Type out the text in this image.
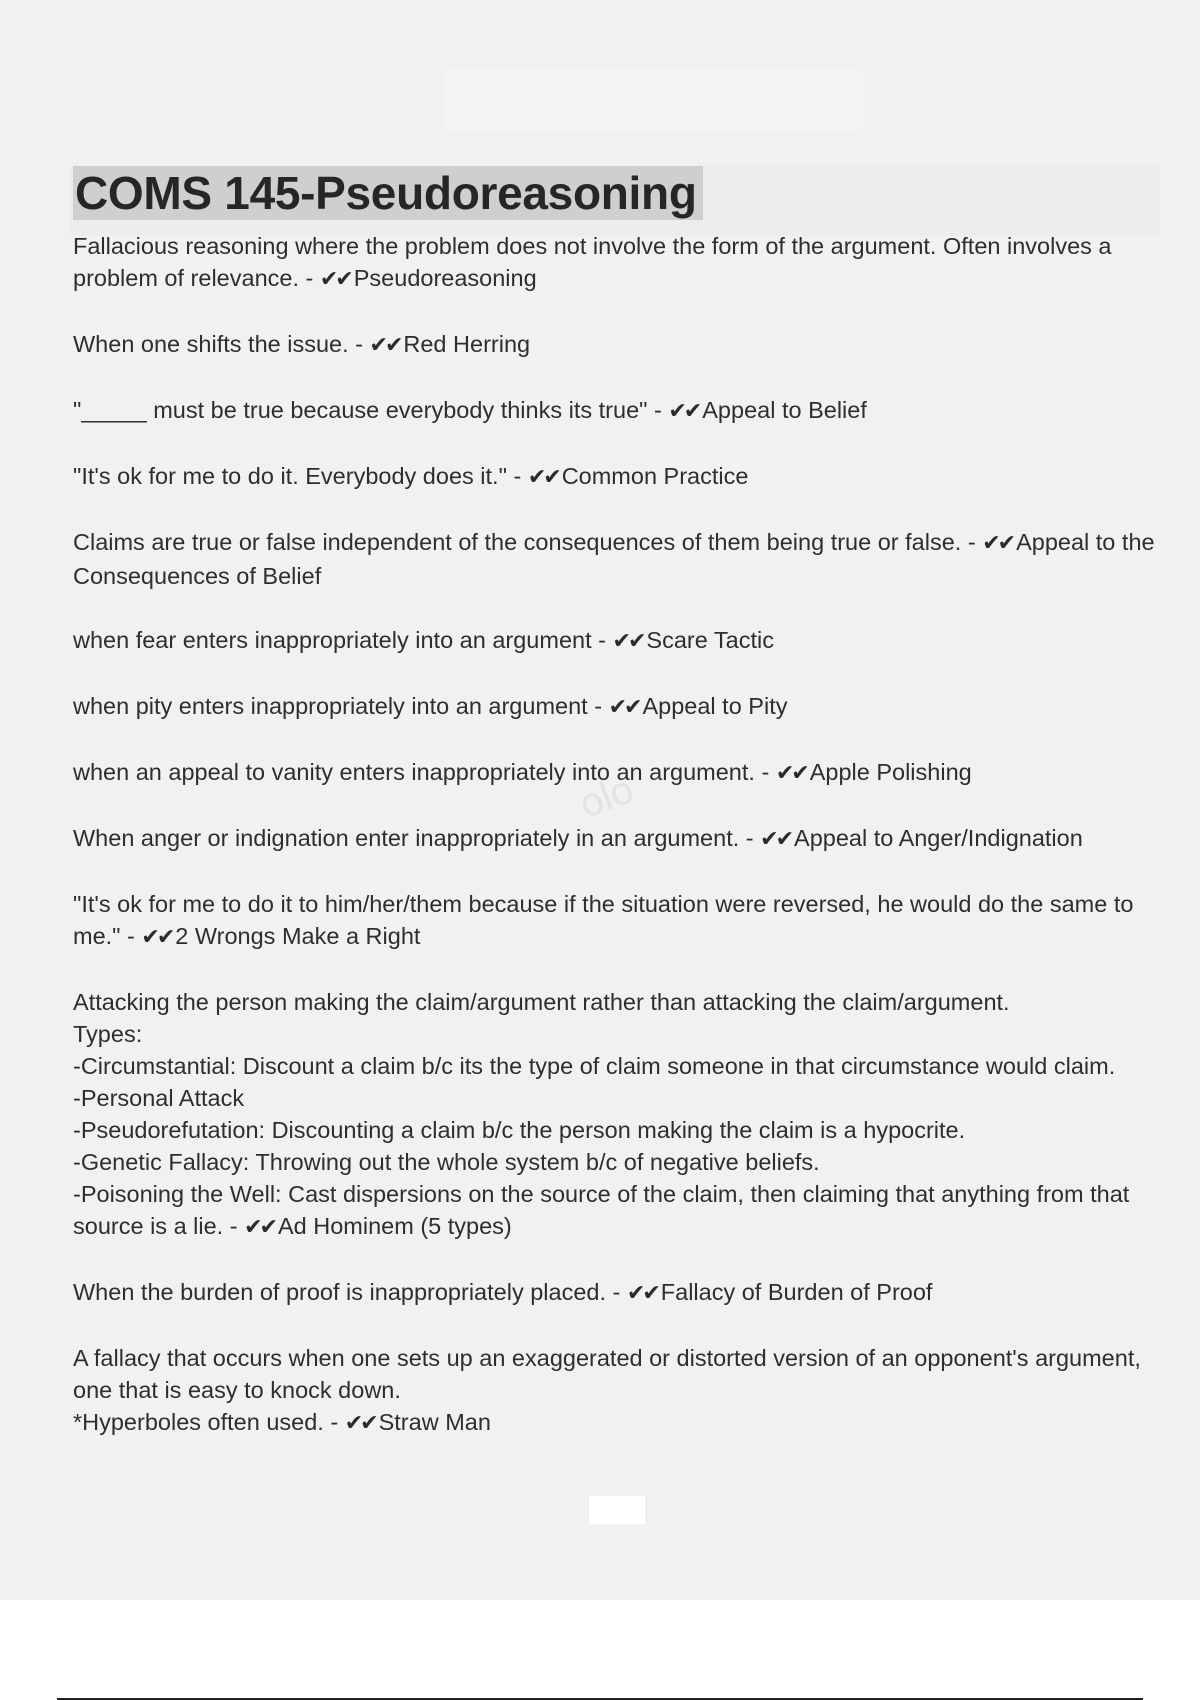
COMS 145-Pseudoreasoning
olo
Fallacious reasoning where the problem does not involve the form of the argument. Often involves a problem of relevance. - ✔✔ Pseudoreasoning
When one shifts the issue. - ✔✔ Red Herring
"_____ must be true because everybody thinks its true" - ✔✔ Appeal to Belief
"It's ok for me to do it. Everybody does it." - ✔✔ Common Practice
Claims are true or false independent of the consequences of them being true or false. - ✔✔ Appeal to the Consequences of Belief
when fear enters inappropriately into an argument - ✔✔ Scare Tactic
when pity enters inappropriately into an argument - ✔✔ Appeal to Pity
when an appeal to vanity enters inappropriately into an argument. - ✔✔ Apple Polishing
When anger or indignation enter inappropriately in an argument. - ✔✔ Appeal to Anger/Indignation
"It's ok for me to do it to him/her/them because if the situation were reversed, he would do the same to me." - ✔✔ 2 Wrongs Make a Right
Attacking the person making the claim/argument rather than attacking the claim/argument.
Types:
-Circumstantial: Discount a claim b/c its the type of claim someone in that circumstance would claim.
-Personal Attack
-Pseudorefutation: Discounting a claim b/c the person making the claim is a hypocrite.
-Genetic Fallacy: Throwing out the whole system b/c of negative beliefs.
-Poisoning the Well: Cast dispersions on the source of the claim, then claiming that anything from that source is a lie. - ✔✔ Ad Hominem (5 types)
When the burden of proof is inappropriately placed. - ✔✔ Fallacy of Burden of Proof
A fallacy that occurs when one sets up an exaggerated or distorted version of an opponent's argument, one that is easy to knock down.
*Hyperboles often used. - ✔✔ Straw Man
